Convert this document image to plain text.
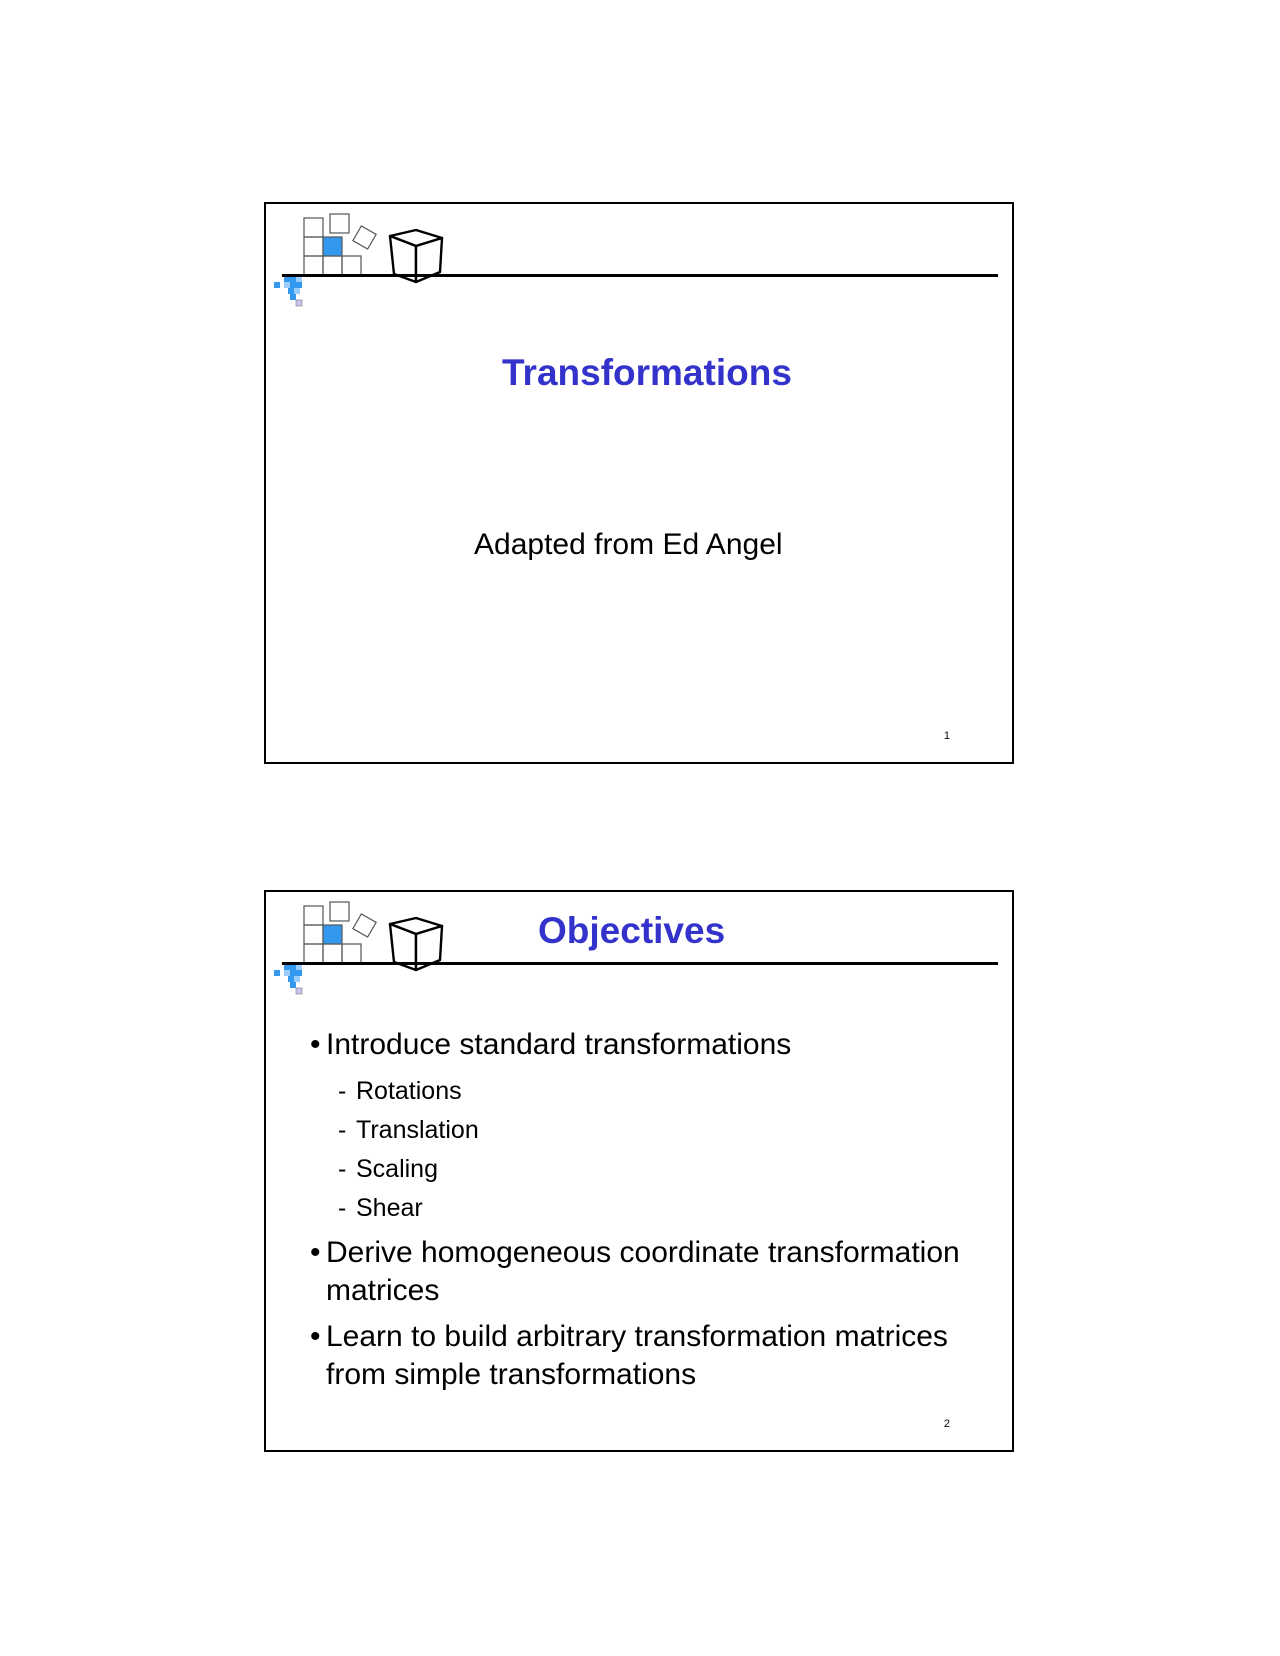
Transformations
Adapted from Ed Angel
1
Objectives
• Introduce standard transformations
- Rotations
- Translation
- Scaling
- Shear
• Derive homogeneous coordinate transformation matrices
• Learn to build arbitrary transformation matrices from simple transformations
2
